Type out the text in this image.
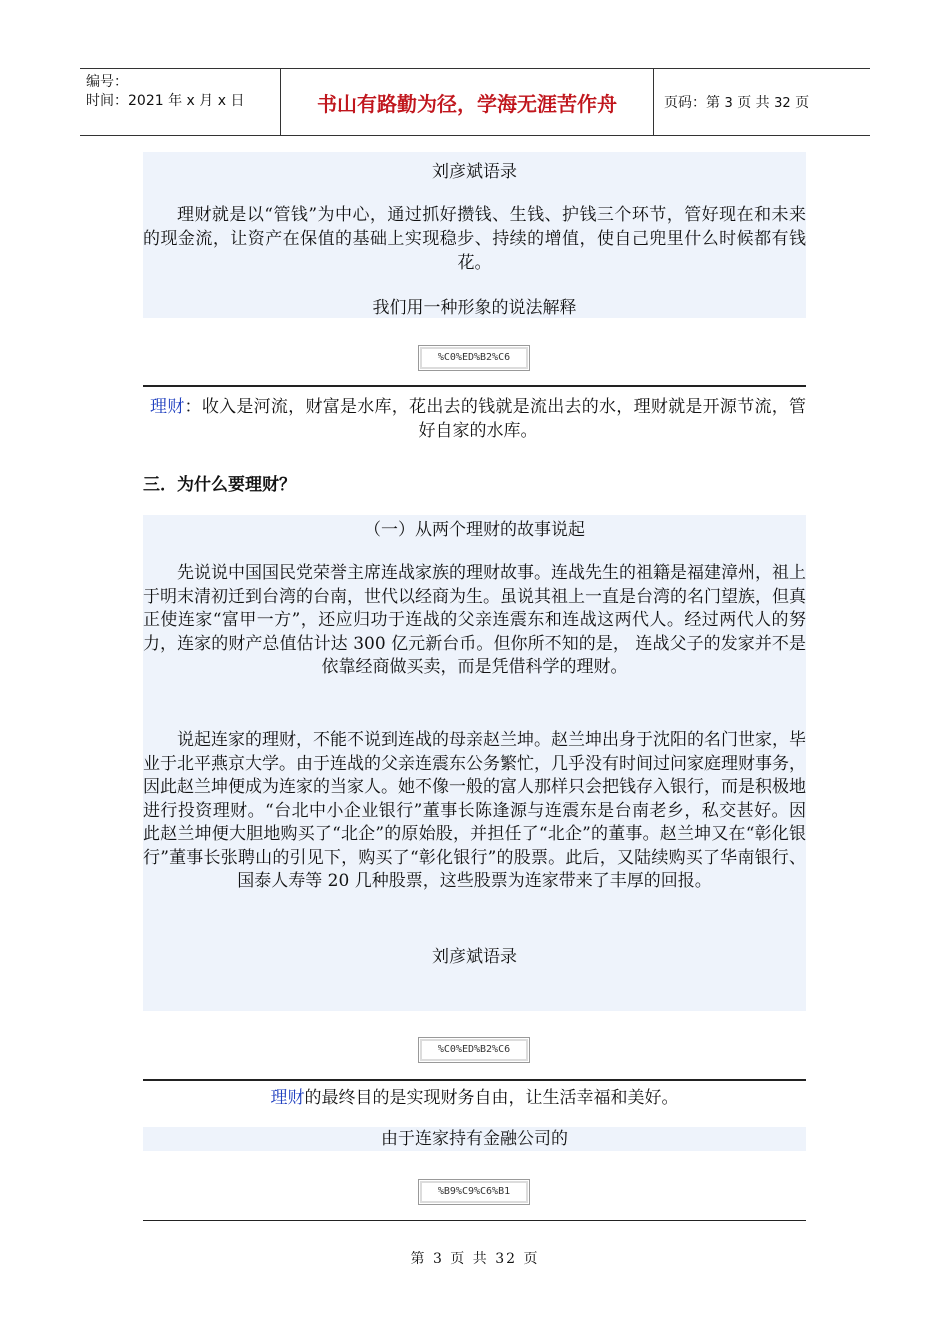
编号：
时间：2021 年 x 月 x 日	书山有路勤为径，学海无涯苦作舟	页码：第 3 页 共 32 页
刘彦斌语录
理财就是以“管钱”为中心，通过抓好攒钱、生钱、护钱三个环节，管好现在和未来的现金流，让资产在保值的基础上实现稳步、持续的增值，使自己兜里什么时候都有钱花。
我们用一种形象的说法解释
%C0%ED%B2%C6
理财：收入是河流，财富是水库，花出去的钱就是流出去的水，理财就是开源节流，管好自家的水库。
三．为什么要理财？
（一）从两个理财的故事说起
先说说中国国民党荣誉主席连战家族的理财故事。连战先生的祖籍是福建漳州，祖上于明末清初迁到台湾的台南，世代以经商为生。虽说其祖上一直是台湾的名门望族，但真正使连家“富甲一方”，还应归功于连战的父亲连震东和连战这两代人。经过两代人的努力，连家的财产总值估计达 300 亿元新台币。但你所不知的是， 连战父子的发家并不是依靠经商做买卖，而是凭借科学的理财。
说起连家的理财，不能不说到连战的母亲赵兰坤。赵兰坤出身于沈阳的名门世家，毕业于北平燕京大学。由于连战的父亲连震东公务繁忙，几乎没有时间过问家庭理财事务，因此赵兰坤便成为连家的当家人。她不像一般的富人那样只会把钱存入银行，而是积极地进行投资理财。“台北中小企业银行”董事长陈逢源与连震东是台南老乡，私交甚好。因此赵兰坤便大胆地购买了“北企”的原始股，并担任了“北企”的董事。赵兰坤又在“彰化银行”董事长张聘山的引见下，购买了“彰化银行”的股票。此后，又陆续购买了华南银行、国泰人寿等 20 几种股票，这些股票为连家带来了丰厚的回报。
刘彦斌语录
%C0%ED%B2%C6
理财的最终目的是实现财务自由，让生活幸福和美好。
由于连家持有金融公司的
%B9%C9%C6%B1
第 3 页 共 32 页
